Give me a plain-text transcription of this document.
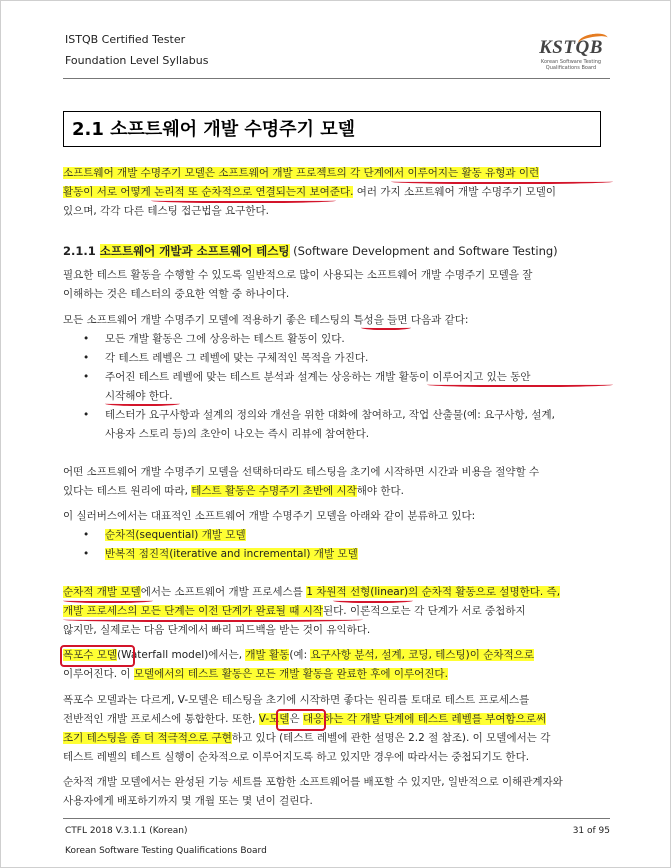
ISTQB Certified Tester
Foundation Level Syllabus
KSTQB
Korean Software Testing
Qualifications Board
2.1 소프트웨어 개발 수명주기 모델
소프트웨어 개발 수명주기 모델은 소프트웨어 개발 프로젝트의 각 단계에서 이루어지는 활동 유형과 이런
활동이 서로 어떻게 논리적 또 순차적으로 연결되는지 보여준다. 여러 가지 소프트웨어 개발 수명주기 모델이
있으며, 각각 다른 테스팅 접근법을 요구한다.
2.1.1 소프트웨어 개발과 소프트웨어 테스팅 (Software Development and Software Testing)
필요한 테스트 활동을 수행할 수 있도록 일반적으로 많이 사용되는 소프트웨어 개발 수명주기 모델을 잘
이해하는 것은 테스터의 중요한 역할 중 하나이다.
모든 소프트웨어 개발 수명주기 모델에 적용하기 좋은 테스팅의 특성을 들면 다음과 같다:
• 모든 개발 활동은 그에 상응하는 테스트 활동이 있다.
• 각 테스트 레벨은 그 레벨에 맞는 구체적인 목적을 가진다.
• 주어진 테스트 레벨에 맞는 테스트 분석과 설계는 상응하는 개발 활동이 이루어지고 있는 동안
시작해야 한다.
• 테스터가 요구사항과 설계의 정의와 개선을 위한 대화에 참여하고, 작업 산출물(예: 요구사항, 설계,
사용자 스토리 등)의 초안이 나오는 즉시 리뷰에 참여한다.
어떤 소프트웨어 개발 수명주기 모델을 선택하더라도 테스팅을 초기에 시작하면 시간과 비용을 절약할 수
있다는 테스트 원리에 따라, 테스트 활동은 수명주기 초반에 시작해야 한다.
이 실러버스에서는 대표적인 소프트웨어 개발 수명주기 모델을 아래와 같이 분류하고 있다:
• 순차적(sequential) 개발 모델
• 반복적 점진적(iterative and incremental) 개발 모델
순차적 개발 모델에서는 소프트웨어 개발 프로세스를 1 차원적 선형(linear)의 순차적 활동으로 설명한다. 즉,
개발 프로세스의 모든 단계는 이전 단계가 완료될 때 시작된다. 이론적으로는 각 단계가 서로 중첩하지
않지만, 실제로는 다음 단계에서 빠리 피드백을 받는 것이 유익하다.
폭포수 모델(Waterfall model)에서는, 개발 활동(예: 요구사항 분석, 설계, 코딩, 테스팅)이 순차적으로
이루어진다. 이 모델에서의 테스트 활동은 모든 개발 활동을 완료한 후에 이루어진다.
폭포수 모델과는 다르게, V-모델은 테스팅을 초기에 시작하면 좋다는 원리를 토대로 테스트 프로세스를
전반적인 개발 프로세스에 통합한다. 또한, V-모델은 대응하는 각 개발 단계에 테스트 레벨를 부여함으로써
조기 테스팅을 좀 더 적극적으로 구현하고 있다 (테스트 레벨에 관한 설명은 2.2 절 참조). 이 모델에서는 각
테스트 레벨의 테스트 실행이 순차적으로 이루어지도록 하고 있지만 경우에 따라서는 중첩되기도 한다.
순차적 개발 모델에서는 완성된 기능 세트를 포함한 소프트웨어를 배포할 수 있지만, 일반적으로 이해관계자와
사용자에게 배포하기까지 몇 개월 또는 몇 년이 걸린다.
CTFL 2018 V.3.1.1 (Korean)	31 of 95
Korean Software Testing Qualifications Board
